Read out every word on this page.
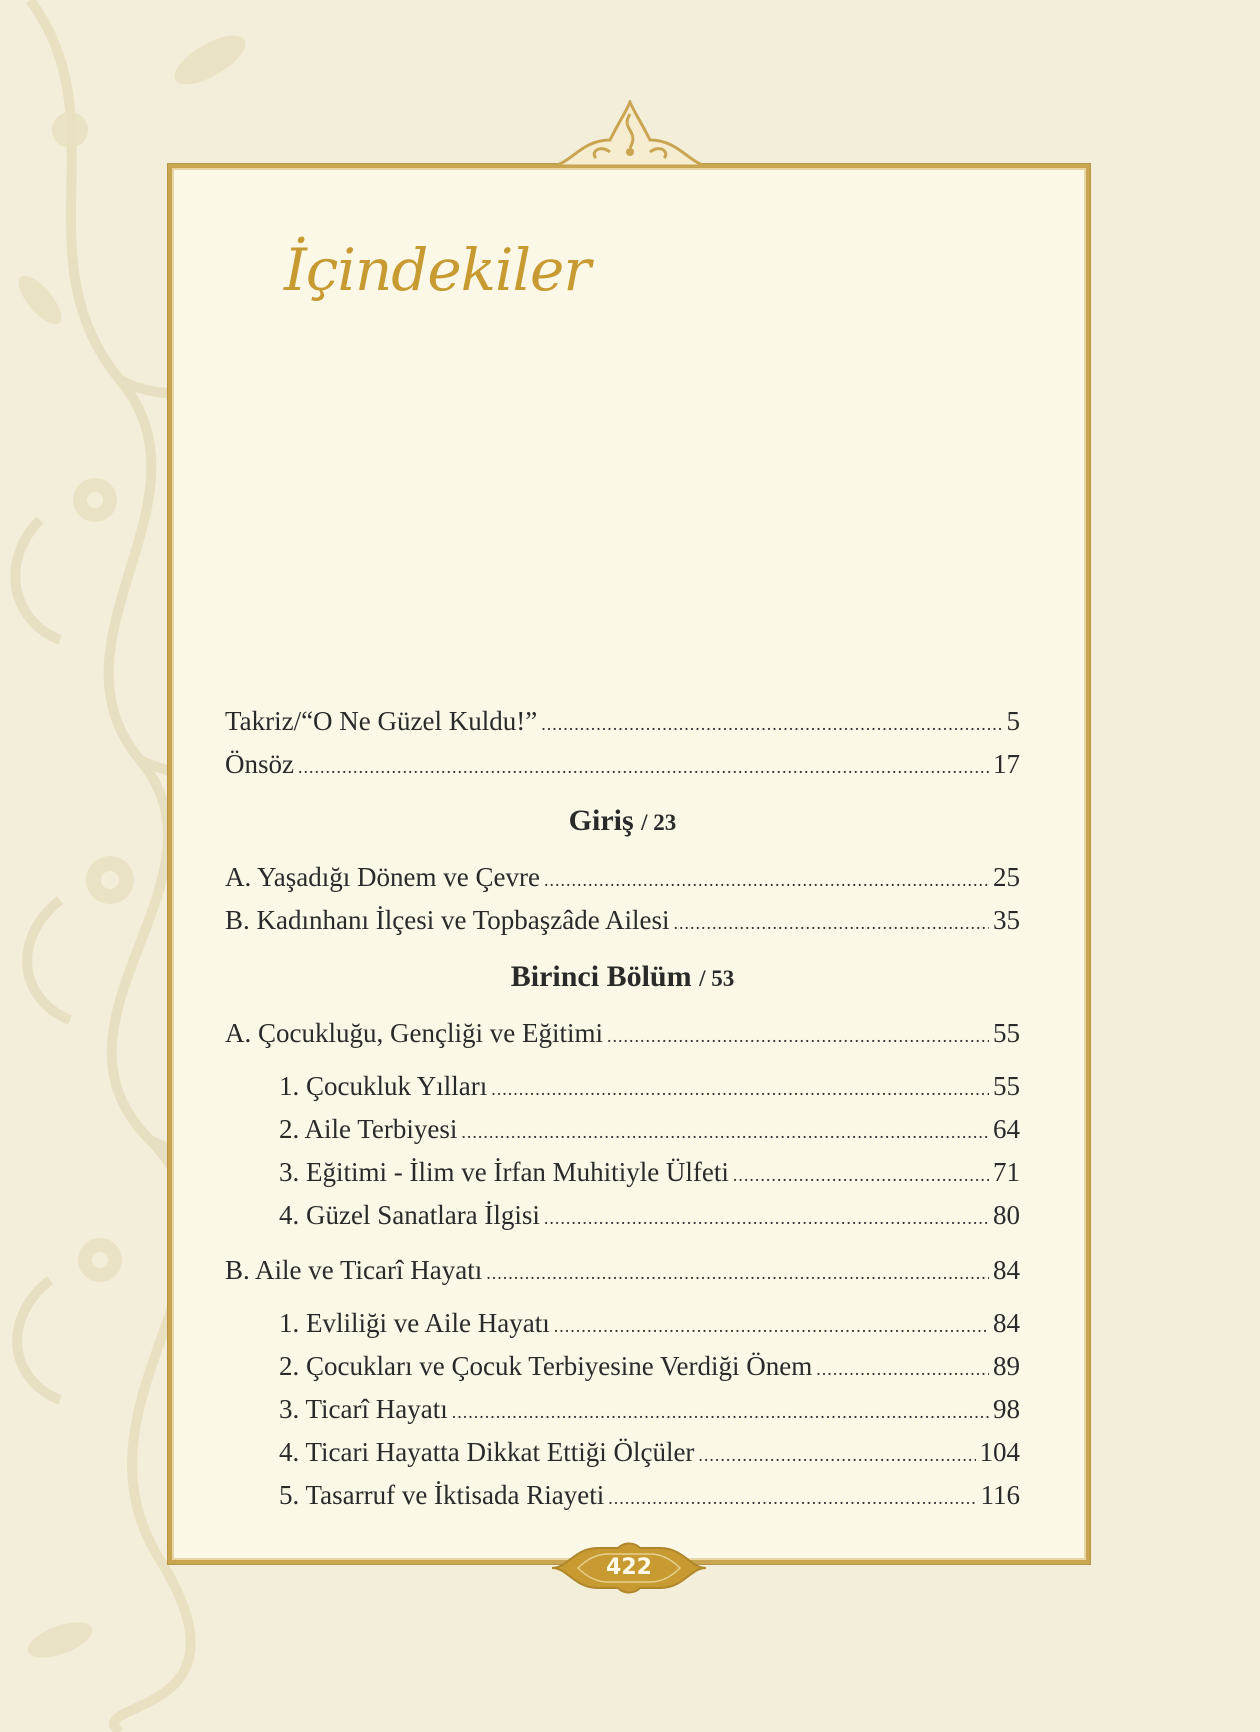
İçindekiler
Takriz/“O Ne Güzel Kuldu!” .....	5
Önsöz .....	17
Giriş / 23
A. Yaşadığı Dönem ve Çevre .....	25
B. Kadınhanı İlçesi ve Topbaşzâde Ailesi .....	35
Birinci Bölüm / 53
A. Çocukluğu, Gençliği ve Eğitimi .....	55
1. Çocukluk Yılları .....	55
2. Aile Terbiyesi .....	64
3. Eğitimi - İlim ve İrfan Muhitiyle Ülfeti .....	71
4. Güzel Sanatlara İlgisi .....	80
B. Aile ve Ticarî Hayatı .....	84
1. Evliliği ve Aile Hayatı .....	84
2. Çocukları ve Çocuk Terbiyesine Verdiği Önem .....	89
3. Ticarî Hayatı .....	98
4. Ticari Hayatta Dikkat Ettiği Ölçüler .....	104
5. Tasarruf ve İktisada Riayeti .....	116
422
